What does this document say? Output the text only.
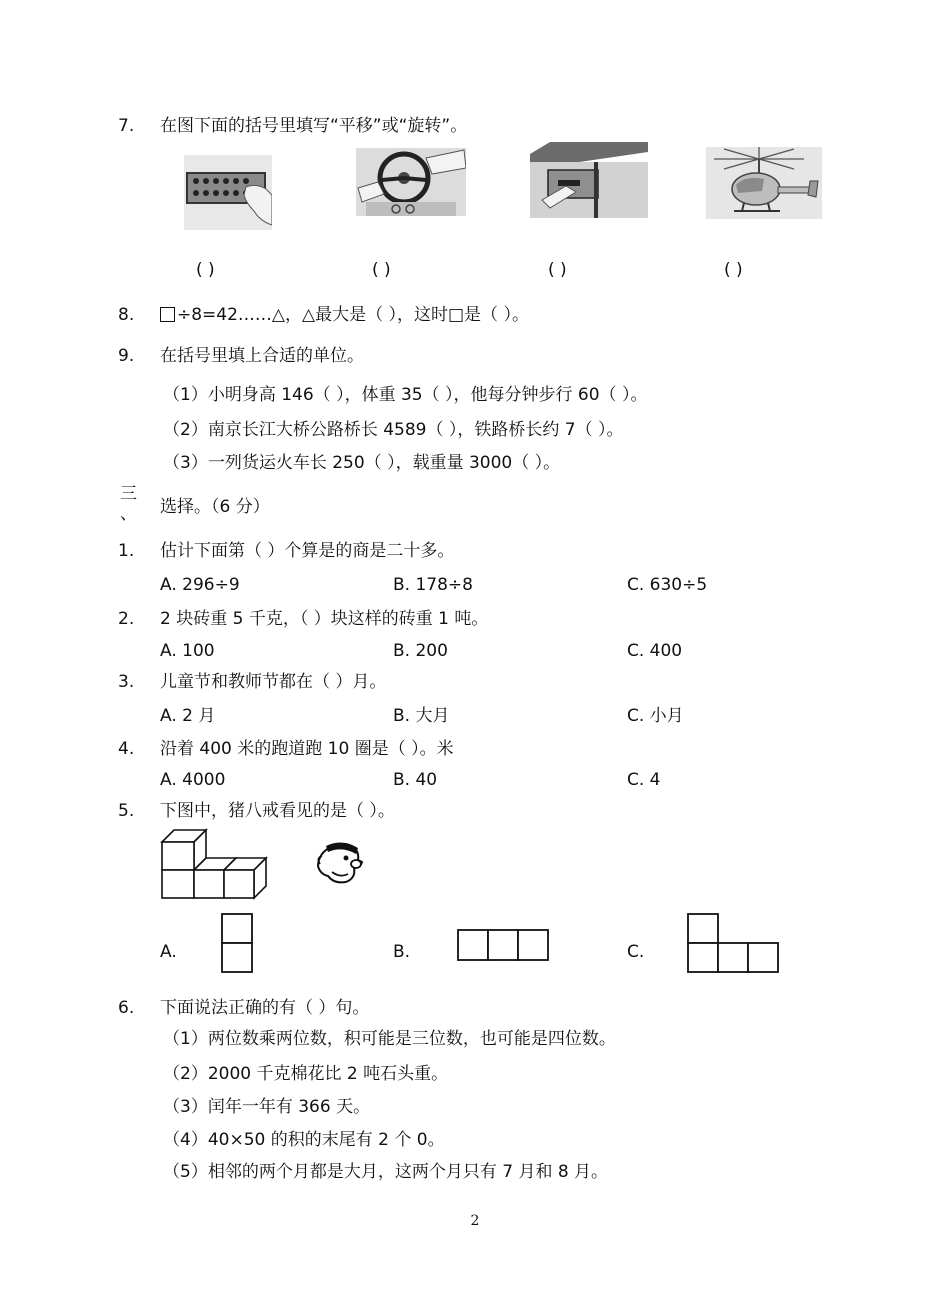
7. 在图下面的括号里填写“平移”或“旋转”。
( )	( )	( )	( )
8.	÷8=42……△，△最大是（ ），这时□是（ ）。
9. 在括号里填上合适的单位。
（1）小明身高 146（ ），体重 35（ ），他每分钟步行 60（ ）。
（2）南京长江大桥公路桥长 4589（ ），铁路桥长约 7（ ）。
（3）一列货运火车长 250（ ），载重量 3000（ ）。
三
、 选择。（6 分）
1. 估计下面第（ ）个算是的商是二十多。
A. 296÷9	B. 178÷8	C. 630÷5
2. 2 块砖重 5 千克，（ ）块这样的砖重 1 吨。
A. 100	B. 200	C. 400
3. 儿童节和教师节都在（ ）月。
A. 2 月	B. 大月	C. 小月
4. 沿着 400 米的跑道跑 10 圈是（ ）。米
A. 4000	B. 40	C. 4
5. 下图中，猪八戒看见的是（ ）。
A.	B.	C.
6. 下面说法正确的有（ ）句。
（1）两位数乘两位数，积可能是三位数，也可能是四位数。
（2）2000 千克棉花比 2 吨石头重。
（3）闰年一年有 366 天。
（4）40×50 的积的末尾有 2 个 0。
（5）相邻的两个月都是大月，这两个月只有 7 月和 8 月。
2
